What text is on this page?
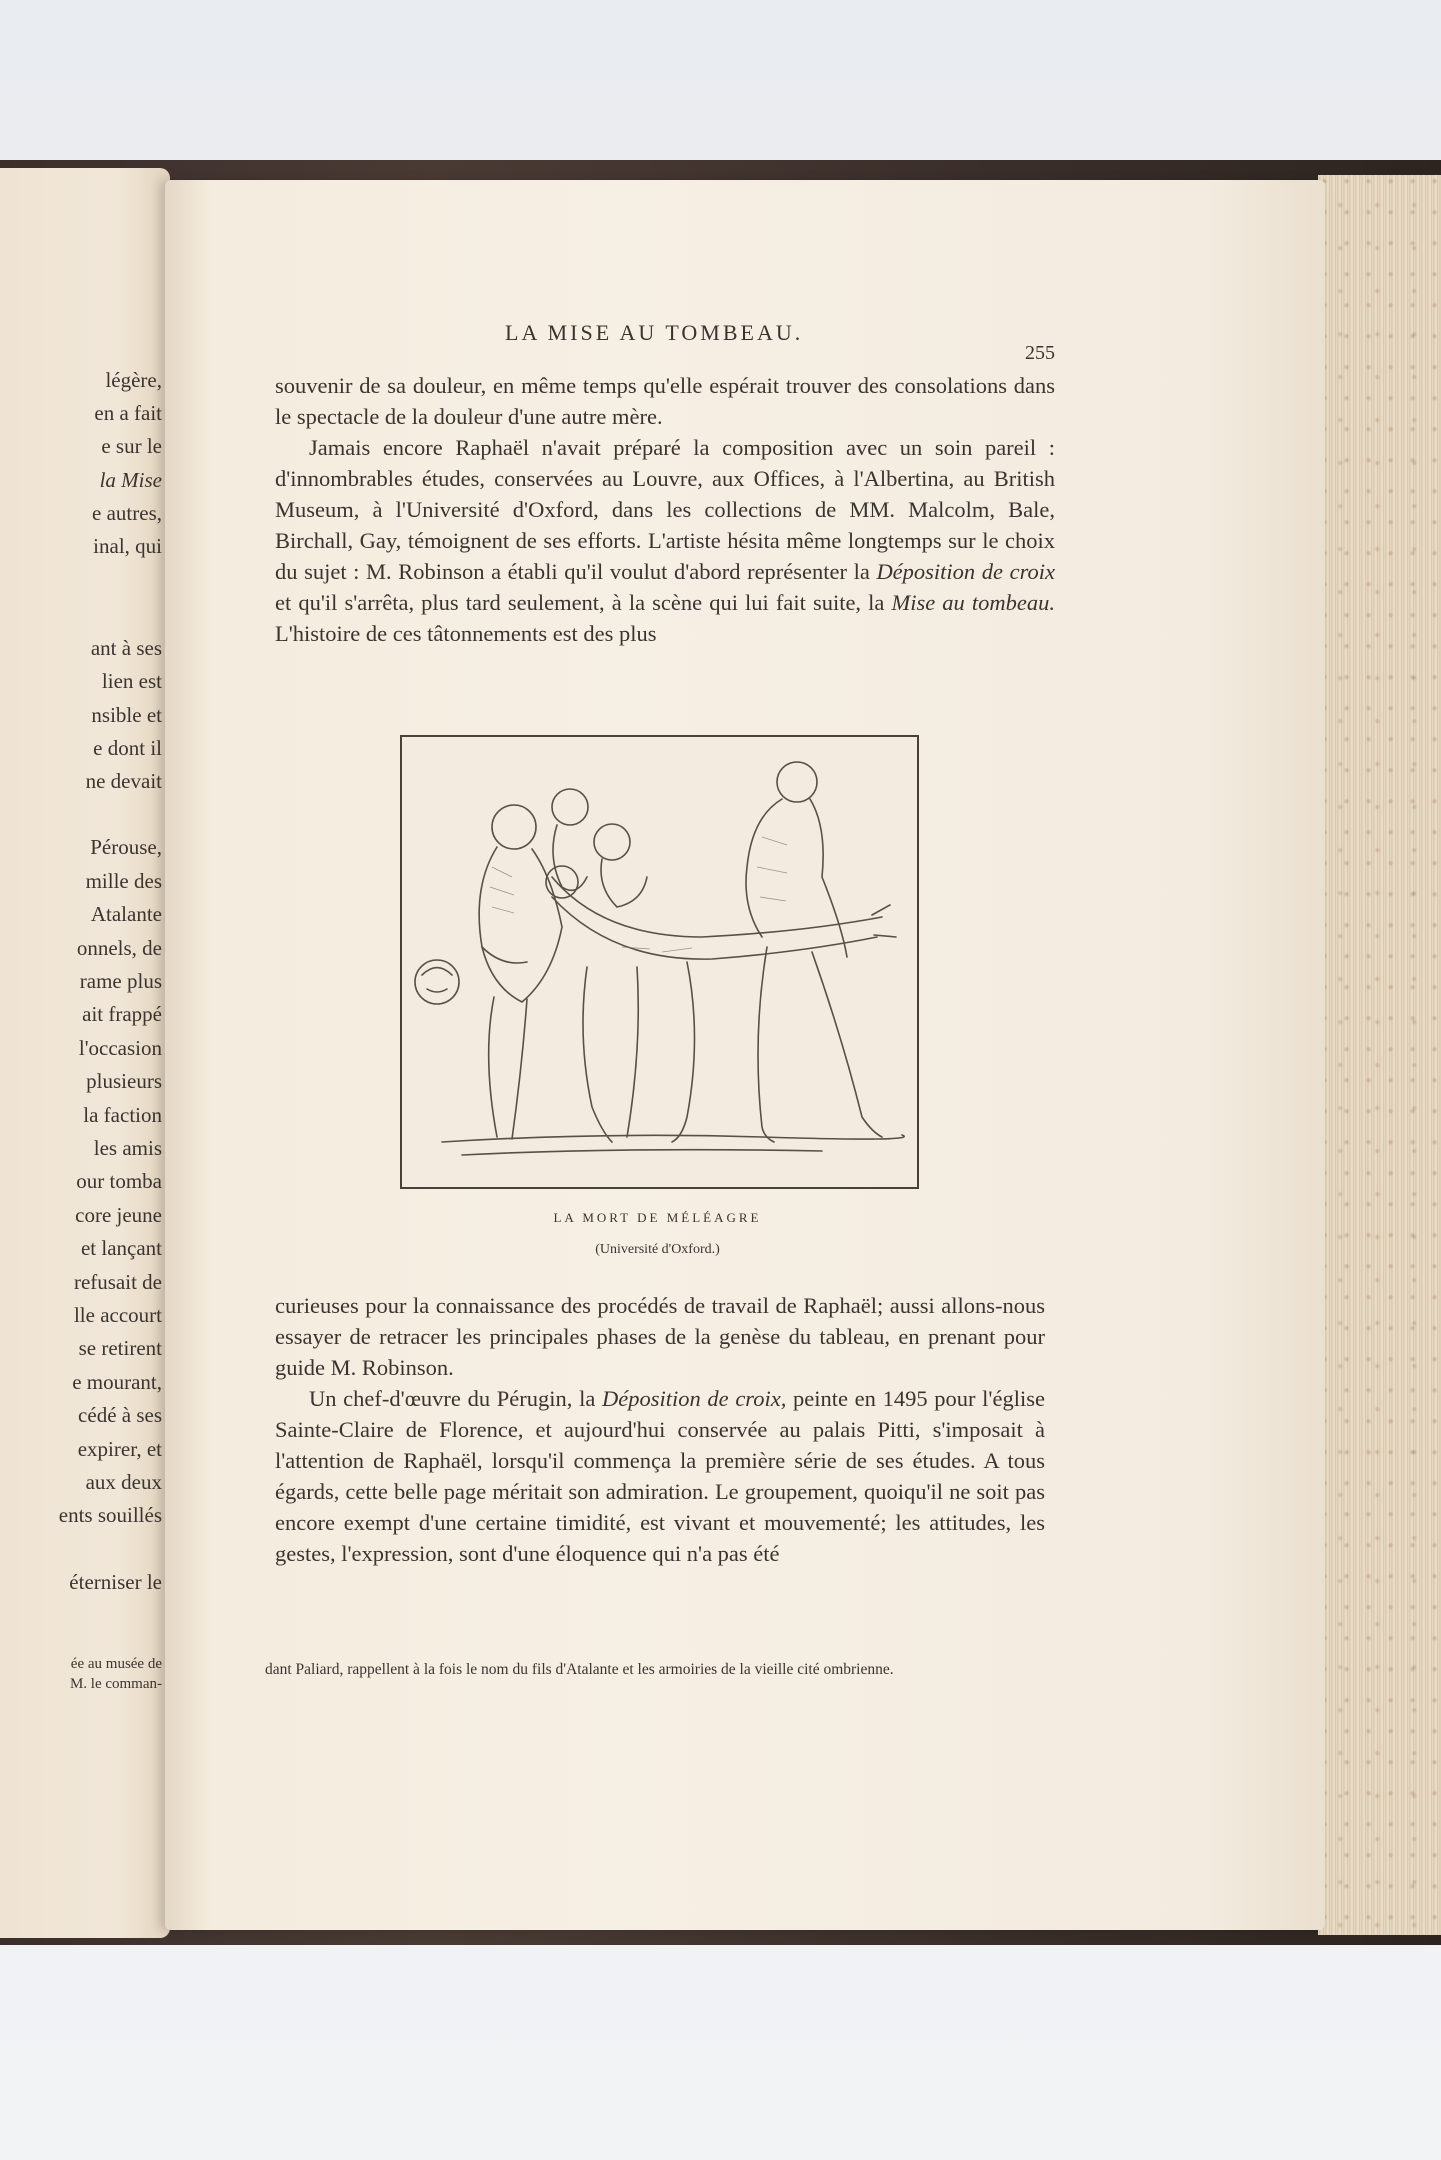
légère,
en a fait
e sur le
la Mise
e autres,
inal, qui
ant à ses
lien est
nsible et
e dont il
ne devait
Pérouse,
mille des
Atalante
onnels, de
rame plus
ait frappé
l'occasion
plusieurs
la faction
les amis
our tomba
core jeune
et lançant
refusait de
lle accourt
se retirent
e mourant,
cédé à ses
expirer, et
aux deux
ents souillés
éterniser le
ée au musée de
M. le comman-
LA MISE AU TOMBEAU.
255

souvenir de sa douleur, en même temps qu'elle espérait trouver des consolations dans le spectacle de la douleur d'une autre mère.

Jamais encore Raphaël n'avait préparé la composition avec un soin pareil : d'innombrables études, conservées au Louvre, aux Offices, à l'Albertina, au British Museum, à l'Université d'Oxford, dans les collections de MM. Malcolm, Bale, Birchall, Gay, témoignent de ses efforts. L'artiste hésita même longtemps sur le choix du sujet : M. Robinson a établi qu'il voulut d'abord représenter la Déposition de croix et qu'il s'arrêta, plus tard seulement, à la scène qui lui fait suite, la Mise au tombeau. L'histoire de ces tâtonnements est des plus

LA MORT DE MÉLÉAGRE
(Université d'Oxford.)

curieuses pour la connaissance des procédés de travail de Raphaël; aussi allons-nous essayer de retracer les principales phases de la genèse du tableau, en prenant pour guide M. Robinson.

Un chef-d'œuvre du Pérugin, la Déposition de croix, peinte en 1495 pour l'église Sainte-Claire de Florence, et aujourd'hui conservée au palais Pitti, s'imposait à l'attention de Raphaël, lorsqu'il commença la première série de ses études. A tous égards, cette belle page méritait son admiration. Le groupement, quoiqu'il ne soit pas encore exempt d'une certaine timidité, est vivant et mouvementé; les attitudes, les gestes, l'expression, sont d'une éloquence qui n'a pas été

dant Paliard, rappellent à la fois le nom du fils d'Atalante et les armoiries de la vieille cité ombrienne.
